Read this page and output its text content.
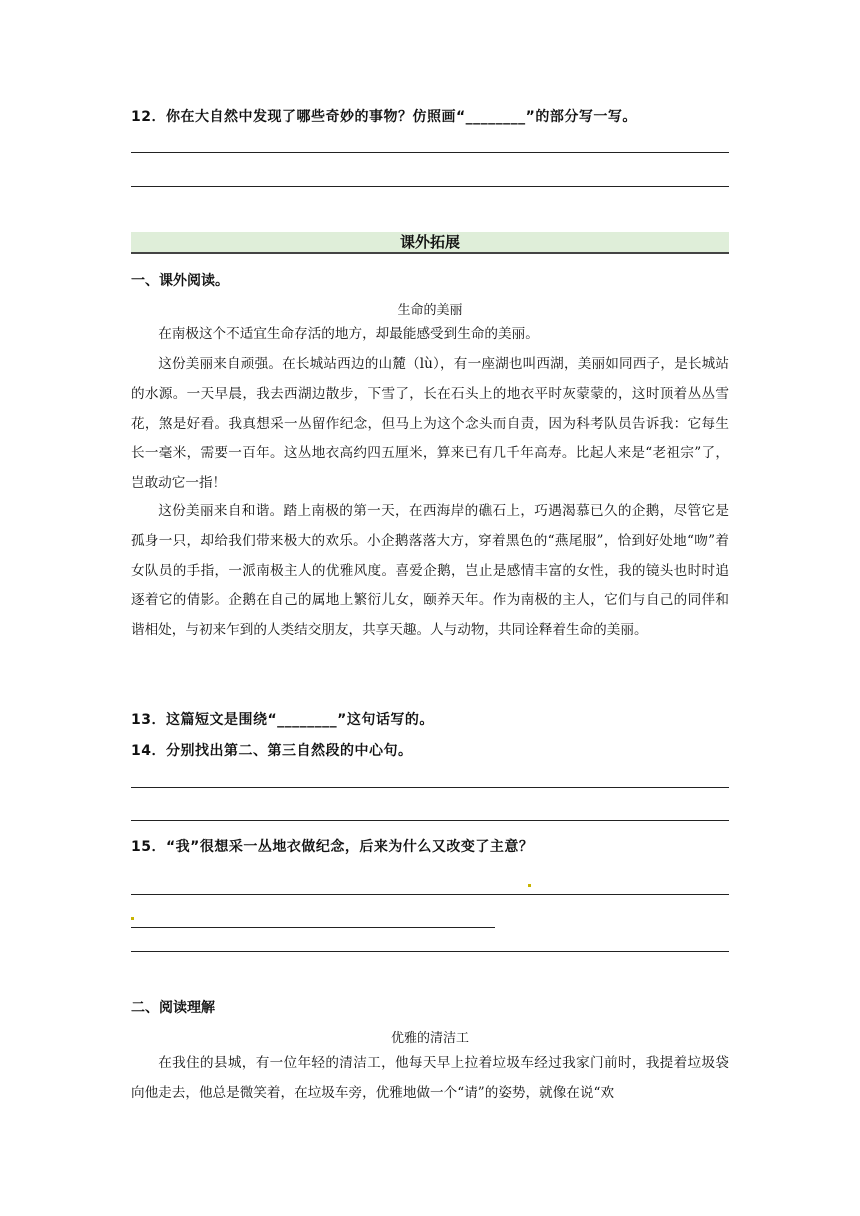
12．你在大自然中发现了哪些奇妙的事物？仿照画“________”的部分写一写。
课外拓展
一、课外阅读。
生命的美丽

在南极这个不适宜生命存活的地方，却最能感受到生命的美丽。

这份美丽来自顽强。在长城站西边的山麓（lù），有一座湖也叫西湖，美丽如同西子，是长城站的水源。一天早晨，我去西湖边散步，下雪了，长在石头上的地衣平时灰蒙蒙的，这时顶着丛丛雪花，煞是好看。我真想采一丛留作纪念，但马上为这个念头而自责，因为科考队员告诉我：它每生长一毫米，需要一百年。这丛地衣高约四五厘米，算来已有几千年高寿。比起人来是“老祖宗”了，岂敢动它一指！

这份美丽来自和谐。踏上南极的第一天，在西海岸的礁石上，巧遇渴慕已久的企鹅，尽管它是孤身一只，却给我们带来极大的欢乐。小企鹅落落大方，穿着黑色的“燕尾服”，恰到好处地“吻”着女队员的手指，一派南极主人的优雅风度。喜爱企鹅，岂止是感情丰富的女性，我的镜头也时时追逐着它的倩影。企鹅在自己的属地上繁衍儿女，颐养天年。作为南极的主人，它们与自己的同伴和谐相处，与初来乍到的人类结交朋友，共享天趣。人与动物，共同诠释着生命的美丽。

13．这篇短文是围绕“________”这句话写的。
14．分别找出第二、第三自然段的中心句。
15．“我”很想采一丛地衣做纪念，后来为什么又改变了主意？
二、阅读理解
优雅的清洁工

在我住的县城，有一位年轻的清洁工，他每天早上拉着垃圾车经过我家门前时，我提着垃圾袋向他走去，他总是微笑着，在垃圾车旁，优雅地做一个“请”的姿势，就像在说“欢
